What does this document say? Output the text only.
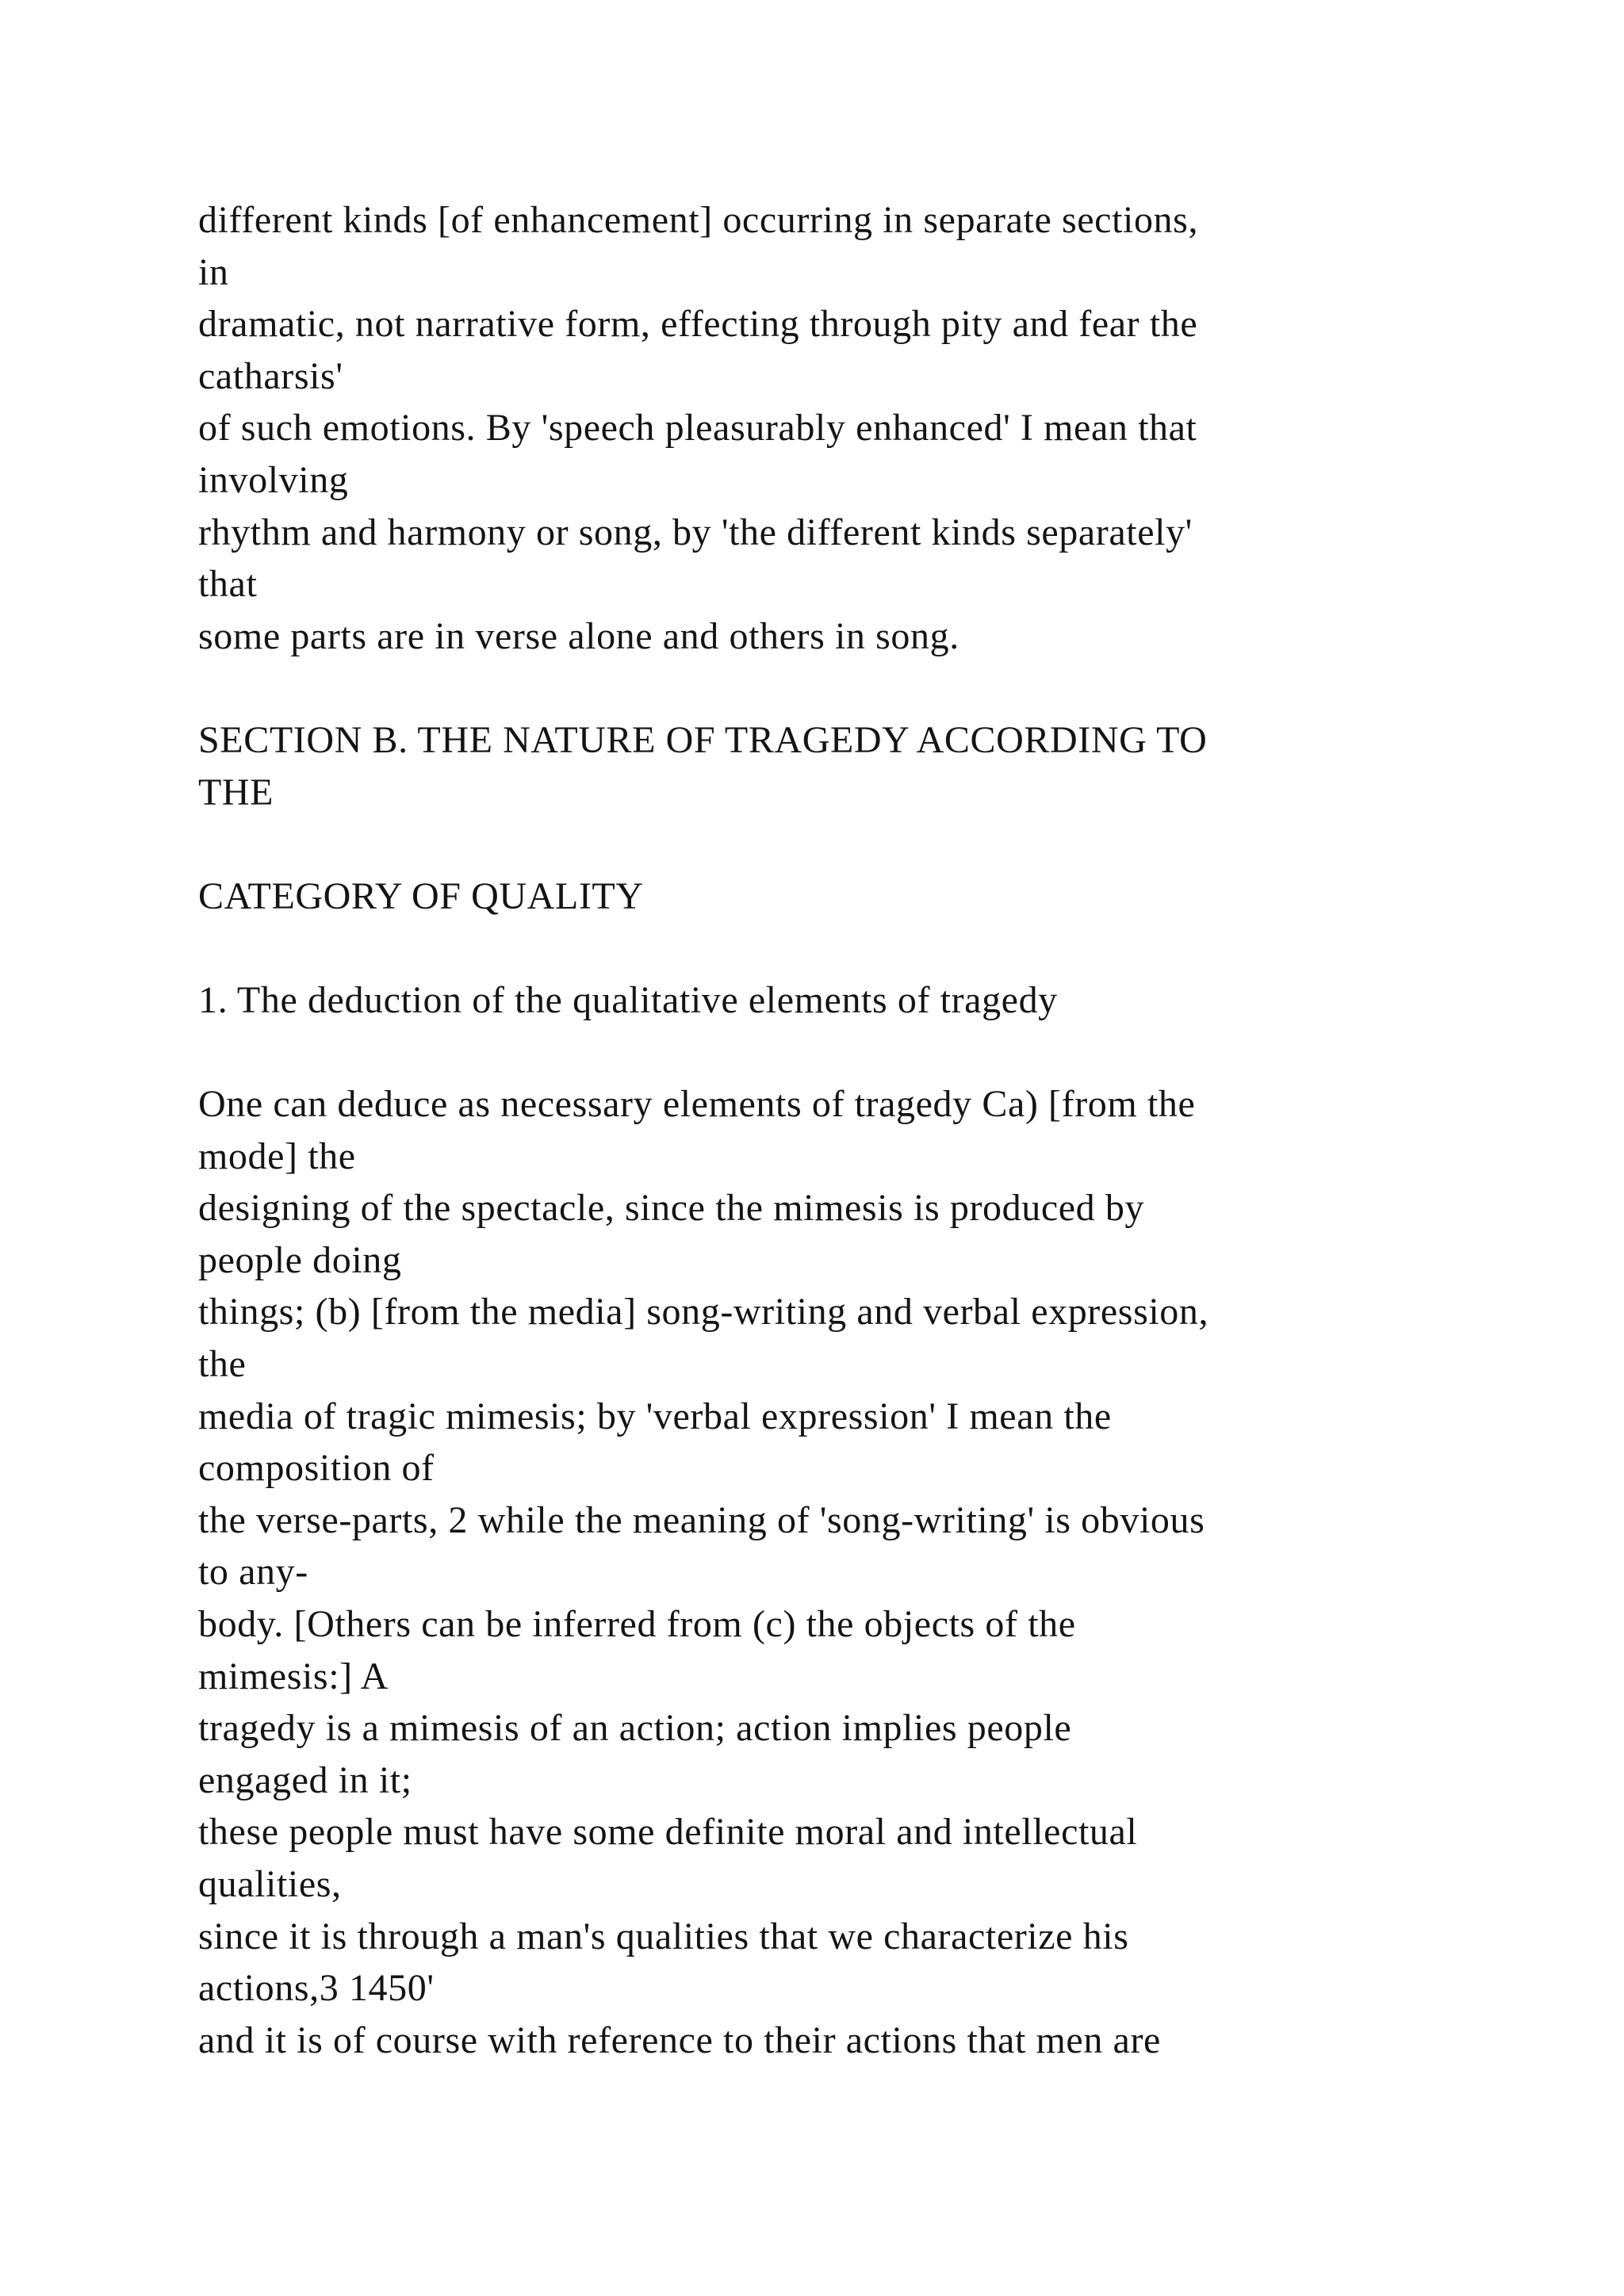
different kinds [of enhancement] occurring in separate sections,
in
dramatic, not narrative form, effecting through pity and fear the
catharsis'
of such emotions. By 'speech pleasurably enhanced' I mean that
involving
rhythm and harmony or song, by 'the different kinds separately'
that
some parts are in verse alone and others in song.
SECTION B. THE NATURE OF TRAGEDY ACCORDING TO
THE
CATEGORY OF QUALITY
1. The deduction of the qualitative elements of tragedy
One can deduce as necessary elements of tragedy Ca) [from the
mode] the
designing of the spectacle, since the mimesis is produced by
people doing
things; (b) [from the media] song-writing and verbal expression,
the
media of tragic mimesis; by 'verbal expression' I mean the
composition of
the verse-parts, 2 while the meaning of 'song-writing' is obvious
to any-
body. [Others can be inferred from (c) the objects of the
mimesis:] A
tragedy is a mimesis of an action; action implies people
engaged in it;
these people must have some definite moral and intellectual
qualities,
since it is through a man's qualities that we characterize his
actions,3 1450'
and it is of course with reference to their actions that men are
